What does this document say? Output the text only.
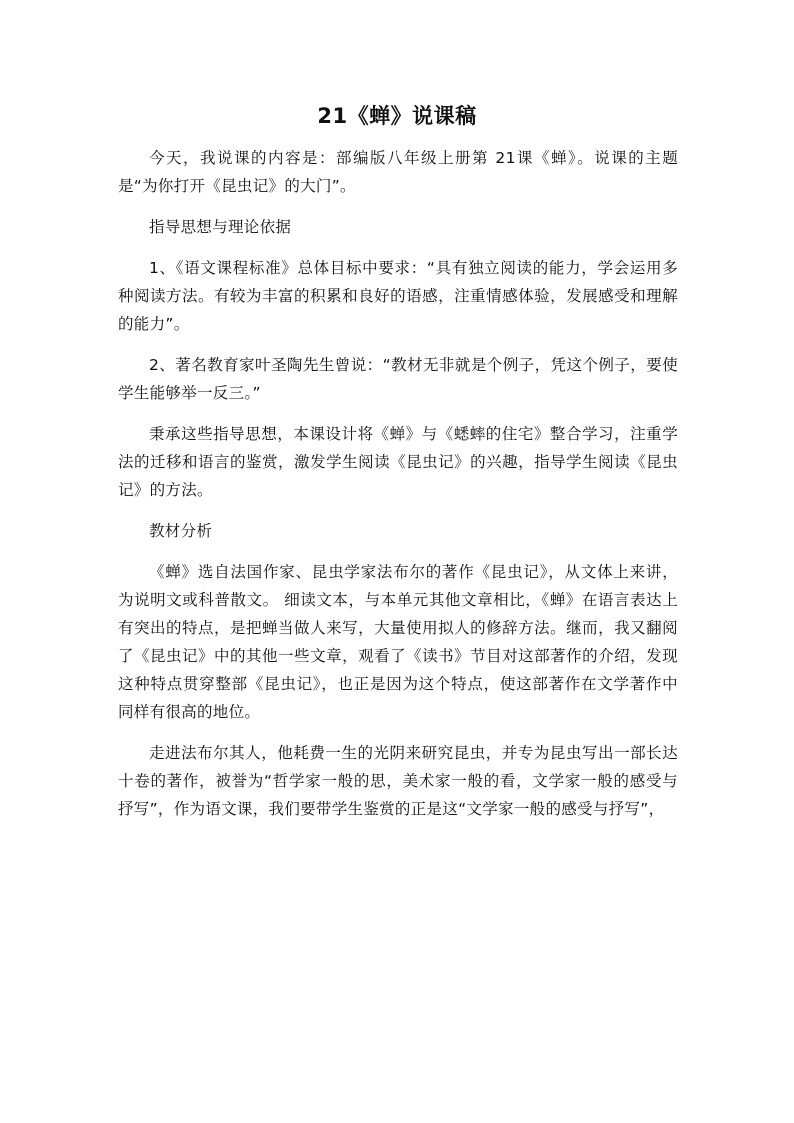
21《蝉》说课稿

今天，我说课的内容是：部编版八年级上册第 21课《蝉》。说课的主题是“为你打开《昆虫记》的大门”。

指导思想与理论依据

1、《语文课程标准》总体目标中要求：“具有独立阅读的能力，学会运用多种阅读方法。有较为丰富的积累和良好的语感，注重情感体验，发展感受和理解的能力”。

2、著名教育家叶圣陶先生曾说：“教材无非就是个例子，凭这个例子，要使学生能够举一反三。”

秉承这些指导思想，本课设计将《蝉》与《蟋蟀的住宅》整合学习，注重学法的迁移和语言的鉴赏，激发学生阅读《昆虫记》的兴趣，指导学生阅读《昆虫记》的方法。

教材分析

《蝉》选自法国作家、昆虫学家法布尔的著作《昆虫记》，从文体上来讲，为说明文或科普散文。 细读文本，与本单元其他文章相比，《蝉》在语言表达上有突出的特点，是把蝉当做人来写，大量使用拟人的修辞方法。继而，我又翻阅了《昆虫记》中的其他一些文章，观看了《读书》节目对这部著作的介绍，发现这种特点贯穿整部《昆虫记》，也正是因为这个特点，使这部著作在文学著作中同样有很高的地位。

走进法布尔其人，他耗费一生的光阴来研究昆虫，并专为昆虫写出一部长达十卷的著作，被誉为“哲学家一般的思，美术家一般的看，文学家一般的感受与抒写”，作为语文课，我们要带学生鉴赏的正是这“文学家一般的感受与抒写”，
